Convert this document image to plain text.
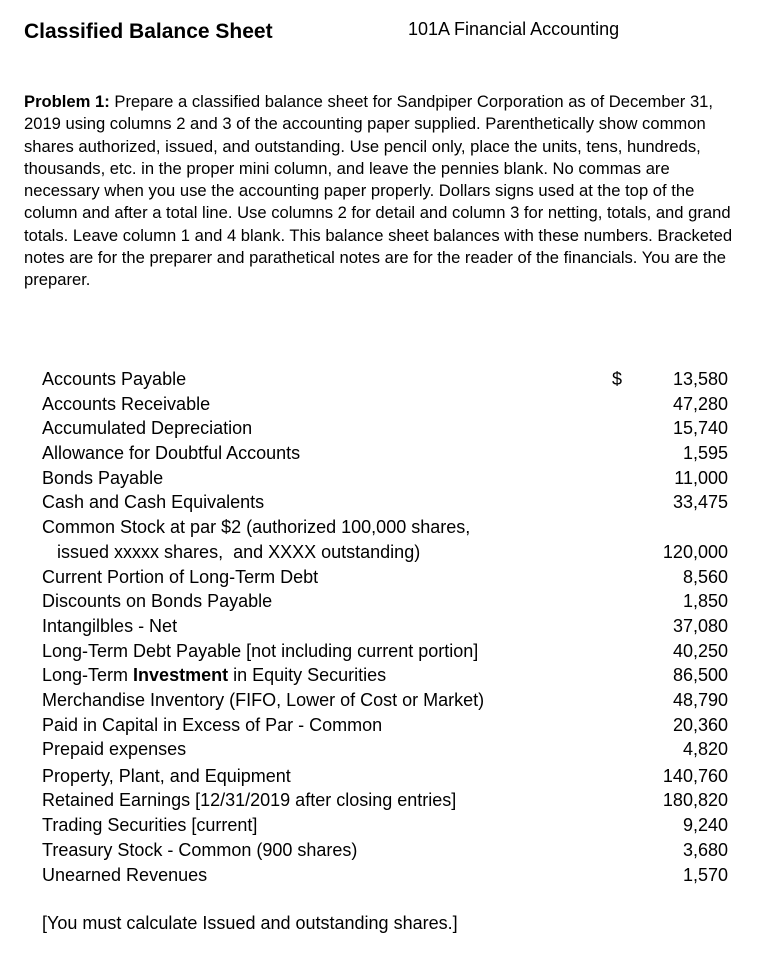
Classified Balance Sheet	101A Financial Accounting
Problem 1: Prepare a classified balance sheet for Sandpiper Corporation as of December 31, 2019 using columns 2 and 3 of the accounting paper supplied. Parenthetically show common shares authorized, issued, and outstanding. Use pencil only, place the units, tens, hundreds, thousands, etc. in the proper mini column, and leave the pennies blank. No commas are necessary when you use the accounting paper properly. Dollars signs used at the top of the column and after a total line. Use columns 2 for detail and column 3 for netting, totals, and grand totals. Leave column 1 and 4 blank. This balance sheet balances with these numbers. Bracketed notes are for the preparer and parathetical notes are for the reader of the financials. You are the preparer.
$
Accounts Payable	13,580
Accounts Receivable	47,280
Accumulated Depreciation	15,740
Allowance for Doubtful Accounts	1,595
Bonds Payable	11,000
Cash and Cash Equivalents	33,475
Common Stock at par $2 (authorized 100,000 shares,
issued xxxxx shares,  and XXXX outstanding)	120,000
Current Portion of Long-Term Debt	8,560
Discounts on Bonds Payable	1,850
Intangilbles - Net	37,080
Long-Term Debt Payable [not including current portion]	40,250
Long-Term Investment in Equity Securities	86,500
Merchandise Inventory (FIFO, Lower of Cost or Market)	48,790
Paid in Capital in Excess of Par - Common	20,360
Prepaid expenses	4,820
Property, Plant, and Equipment	140,760
Retained Earnings [12/31/2019 after closing entries]	180,820
Trading Securities [current]	9,240
Treasury Stock - Common (900 shares)	3,680
Unearned Revenues	1,570
[You must calculate Issued and outstanding shares.]
